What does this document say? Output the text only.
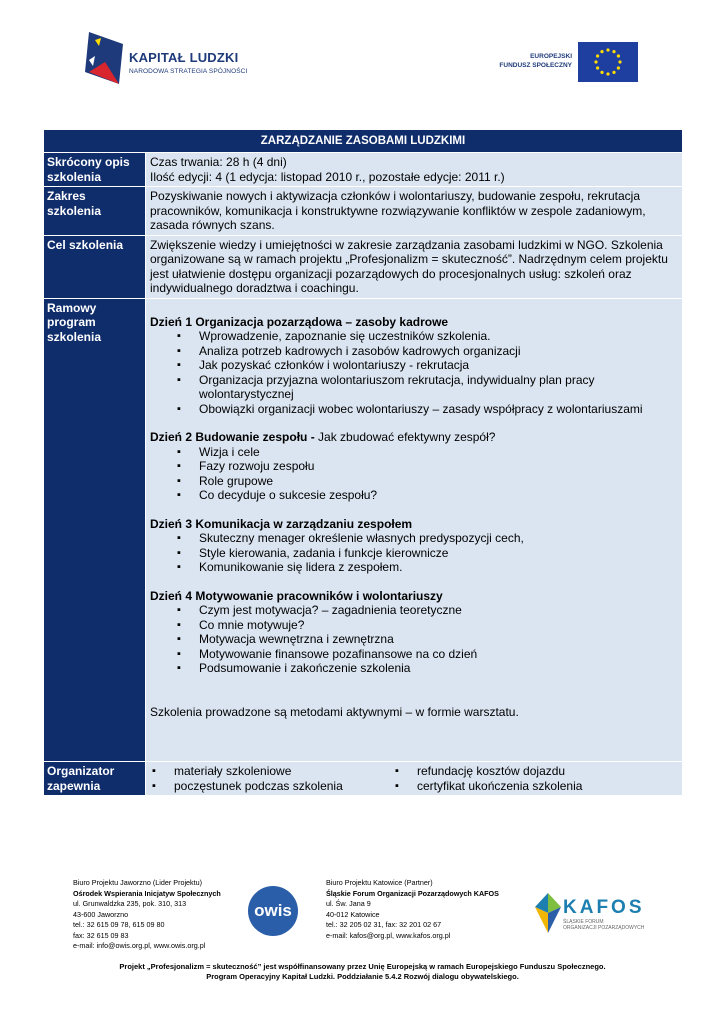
KAPITAŁ LUDZKI
NARODOWA STRATEGIA SPÓJNOŚCI
EUROPEJSKI
FUNDUSZ SPOŁECZNY
ZARZĄDZANIE ZASOBAMI LUDZKIMI
Skrócony opis szkolenia

Czas trwania: 28 h (4 dni)

Ilość edycji: 4 (1 edycja: listopad 2010 r., pozostałe edycje: 2011 r.)

Zakres szkolenia

Pozyskiwanie nowych i aktywizacja członków i wolontariuszy, budowanie zespołu, rekrutacja pracowników, komunikacja i konstruktywne rozwiązywanie konfliktów w zespole zadaniowym, zasada równych szans.

Cel szkolenia	Zwiększenie wiedzy i umiejętności w zakresie zarządzania zasobami ludzkimi w NGO. Szkolenia organizowane są w ramach projektu „Profesjonalizm = skuteczność”. Nadrzędnym celem projektu jest ułatwienie dostępu organizacji pozarządowych do procesjonalnych usług: szkoleń oraz indywidualnego doradztwa i coachingu.

Ramowy program szkolenia

Dzień 1 Organizacja pozarządowa – zasoby kadrowe

▪ Wprowadzenie, zapoznanie się uczestników szkolenia.
▪ Analiza potrzeb kadrowych i zasobów kadrowych organizacji
▪ Jak pozyskać członków i wolontariuszy - rekrutacja
▪ Organizacja przyjazna wolontariuszom rekrutacja, indywidualny plan pracy wolontarystycznej
▪ Obowiązki organizacji wobec wolontariuszy – zasady współpracy z wolontariuszami

Dzień 2 Budowanie zespołu - Jak zbudować efektywny zespół?

▪ Wizja i cele
▪ Fazy rozwoju zespołu
▪ Role grupowe
▪ Co decyduje o sukcesie zespołu?

Dzień 3 Komunikacja w zarządzaniu zespołem

▪ Skuteczny menager określenie własnych predyspozycji cech,
▪ Style kierowania, zadania i funkcje kierownicze
▪ Komunikowanie się lidera z zespołem.

Dzień 4 Motywowanie pracowników i wolontariuszy

▪ Czym jest motywacja? – zagadnienia teoretyczne
▪ Co mnie motywuje?
▪ Motywacja wewnętrzna i zewnętrzna
▪ Motywowanie finansowe pozafinansowe na co dzień
▪ Podsumowanie i zakończenie szkolenia

Szkolenia prowadzone są metodami aktywnymi – w formie warsztatu.

Organizator zapewnia
▪ materiały szkoleniowe
▪ poczęstunek podczas szkolenia
▪ refundację kosztów dojazdu
▪ certyfikat ukończenia szkolenia
Biuro Projektu Jaworzno (Lider Projektu)
Ośrodek Wspierania Inicjatyw Społecznych
ul. Grunwaldzka 235, pok. 310, 313
43-600 Jaworzno
tel.: 32 615 09 78, 615 09 80
fax: 32 615 09 83
e-mail: info@owis.org.pl, www.owis.org.pl
owis
Biuro Projektu Katowice (Partner)
Śląskie Forum Organizacji Pozarządowych KAFOS
ul. Św. Jana 9
40-012 Katowice
tel.: 32 205 02 31, fax: 32 201 02 67
e-mail: kafos@org.pl, www.kafos.org.pl
KAFOS
ŚLĄSKIE FORUM
ORGANIZACJI POZARZĄDOWYCH
Projekt „Profesjonalizm = skuteczność” jest współfinansowany przez Unię Europejską w ramach Europejskiego Funduszu Społecznego.
Program Operacyjny Kapitał Ludzki. Poddziałanie 5.4.2 Rozwój dialogu obywatelskiego.
